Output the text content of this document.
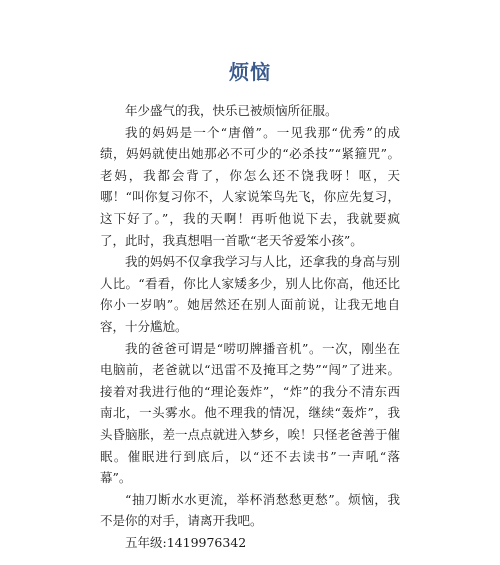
烦恼

年少盛气的我，快乐已被烦恼所征服。

我的妈妈是一个“唐僧”。一见我那“优秀”的成绩，妈妈就使出她那必不可少的“必杀技”“紧箍咒”。老妈，我都会背了，你怎么还不饶我呀！呕，天哪！“叫你复习你不，人家说笨鸟先飞，你应先复习，这下好了。”，我的天啊！再听他说下去，我就要疯了，此时，我真想唱一首歌“老天爷爱笨小孩”。

我的妈妈不仅拿我学习与人比，还拿我的身高与别人比。“看看，你比人家矮多少，别人比你高，他还比你小一岁呐”。她居然还在别人面前说，让我无地自容，十分尴尬。

我的爸爸可谓是“唠叨牌播音机”。一次，刚坐在电脑前，老爸就以“迅雷不及掩耳之势”“闯”了进来。接着对我进行他的“理论轰炸”，“炸”的我分不清东西南北，一头雾水。他不理我的情况，继续“轰炸”，我头昏脑胀，差一点点就进入梦乡，唉！只怪老爸善于催眠。催眠进行到底后，以“还不去读书”一声吼“落幕”。

“抽刀断水水更流，举杯消愁愁更愁”。烦恼，我不是你的对手，请离开我吧。

五年级:1419976342
